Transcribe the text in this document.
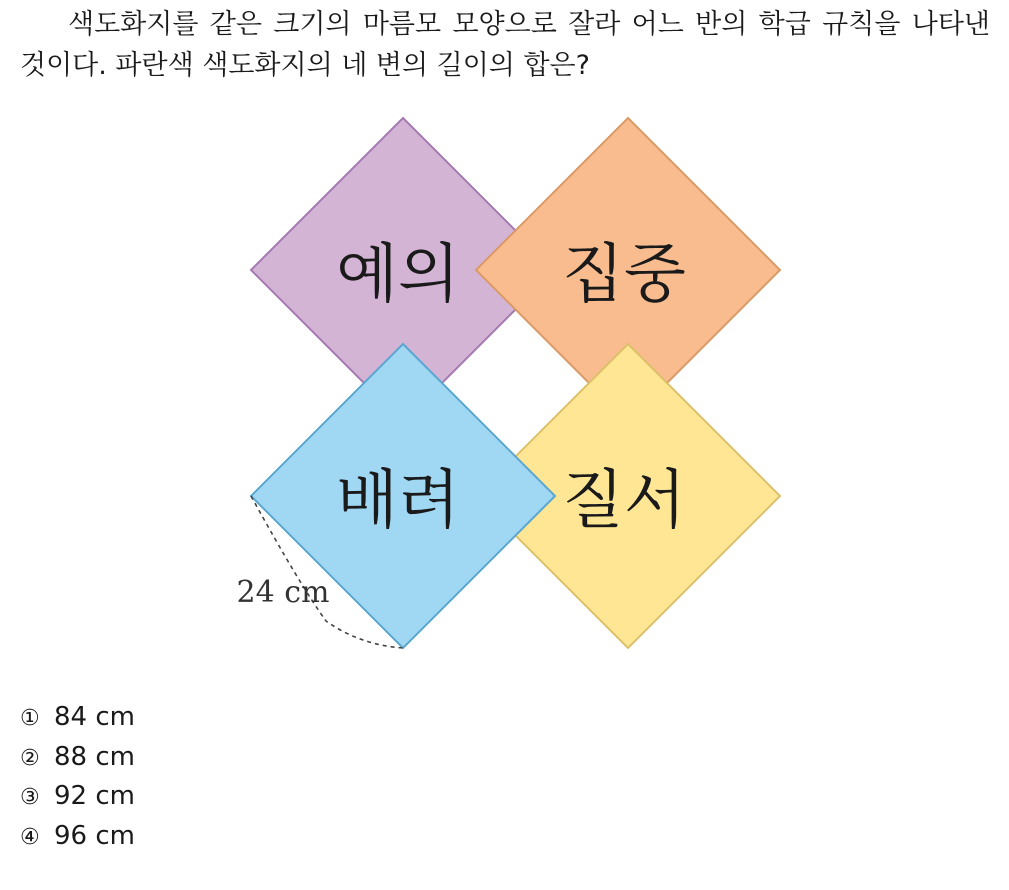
색도화지를 같은 크기의 마름모 모양으로 잘라 어느 반의 학급 규칙을 나타낸 것이다. 파란색 색도화지의 네 변의 길이의 합은?

예의 집중
질서
배려
24 cm
① 84 cm
② 88 cm
③ 92 cm
④ 96 cm
